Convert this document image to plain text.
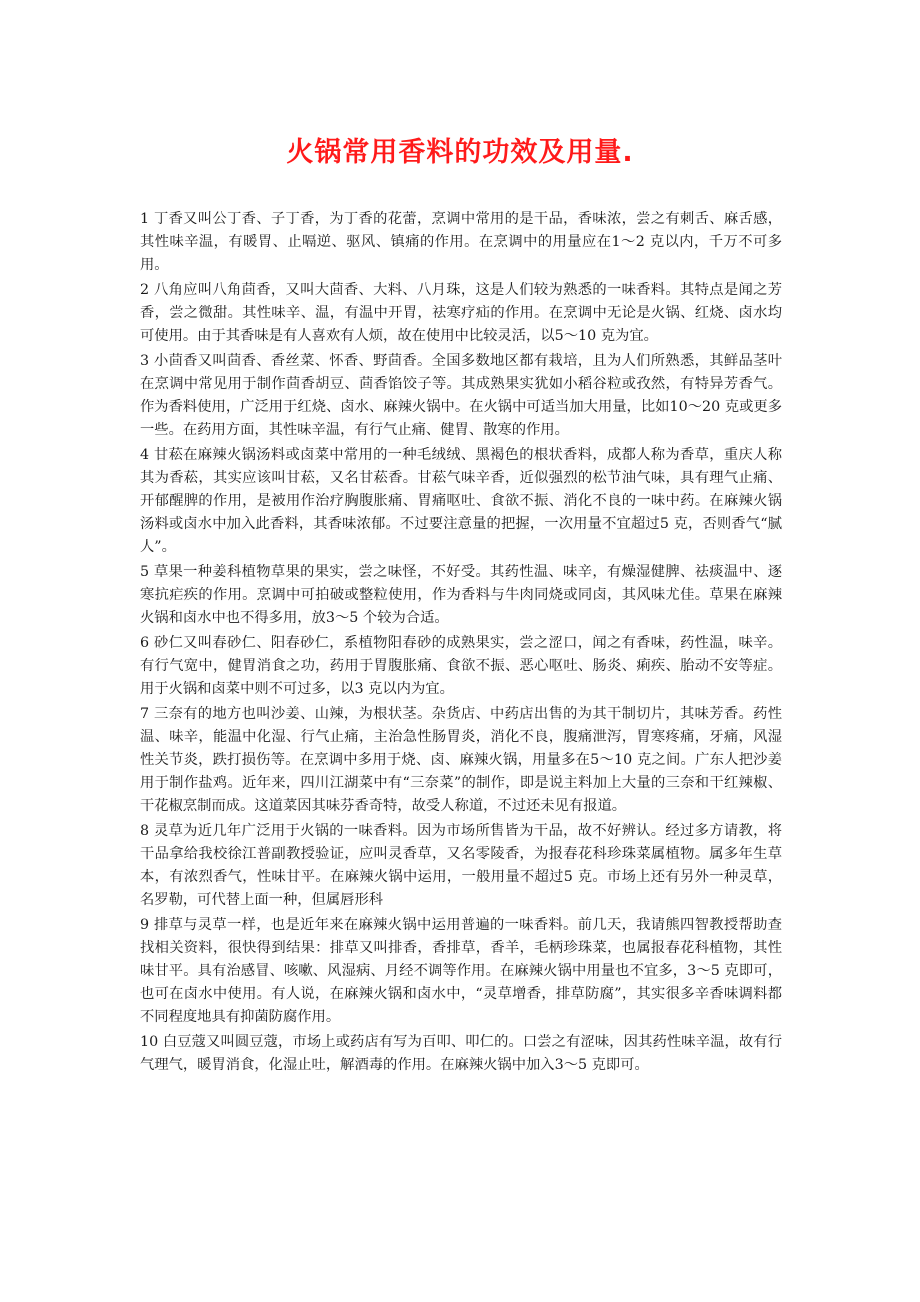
火锅常用香料的功效及用量.

1 丁香又叫公丁香、子丁香，为丁香的花蕾，烹调中常用的是干品，香味浓，尝之有刺舌、麻舌感，其性味辛温，有暖胃、止嗝逆、驱风、镇痛的作用。在烹调中的用量应在1～2 克以内，千万不可多用。

2 八角应叫八角茴香，又叫大茴香、大料、八月珠，这是人们较为熟悉的一味香料。其特点是闻之芳香，尝之微甜。其性味辛、温，有温中开胃，祛寒疗疝的作用。在烹调中无论是火锅、红烧、卤水均可使用。由于其香味是有人喜欢有人烦，故在使用中比较灵活，以5～10 克为宜。

3 小茴香又叫茴香、香丝菜、怀香、野茴香。全国多数地区都有栽培，且为人们所熟悉，其鲜品茎叶在烹调中常见用于制作茴香胡豆、茴香馅饺子等。其成熟果实犹如小稻谷粒或孜然，有特异芳香气。作为香料使用，广泛用于红烧、卤水、麻辣火锅中。在火锅中可适当加大用量，比如10～20 克或更多一些。在药用方面，其性味辛温，有行气止痛、健胃、散寒的作用。

4 甘菘在麻辣火锅汤料或卤菜中常用的一种毛绒绒、黑褐色的根状香料，成都人称为香草，重庆人称其为香菘，其实应该叫甘菘，又名甘菘香。甘菘气味辛香，近似强烈的松节油气味，具有理气止痛、开郁醒脾的作用，是被用作治疗胸腹胀痛、胃痛呕吐、食欲不振、消化不良的一味中药。在麻辣火锅汤料或卤水中加入此香料，其香味浓郁。不过要注意量的把握，一次用量不宜超过5 克，否则香气“腻人”。

5 草果一种姜科植物草果的果实，尝之味怪，不好受。其药性温、味辛，有燥湿健脾、祛痰温中、逐寒抗疟疾的作用。烹调中可拍破或整粒使用，作为香料与牛肉同烧或同卤，其风味尤佳。草果在麻辣火锅和卤水中也不得多用，放3～5 个较为合适。

6 砂仁又叫春砂仁、阳春砂仁，系植物阳春砂的成熟果实，尝之涩口，闻之有香味，药性温，味辛。有行气宽中，健胃消食之功，药用于胃腹胀痛、食欲不振、恶心呕吐、肠炎、痢疾、胎动不安等症。用于火锅和卤菜中则不可过多，以3 克以内为宜。

7 三奈有的地方也叫沙姜、山辣，为根状茎。杂货店、中药店出售的为其干制切片，其味芳香。药性温、味辛，能温中化湿、行气止痛，主治急性肠胃炎，消化不良，腹痛泄泻，胃寒疼痛，牙痛，风湿性关节炎，跌打损伤等。在烹调中多用于烧、卤、麻辣火锅，用量多在5～10 克之间。广东人把沙姜用于制作盐鸡。近年来，四川江湖菜中有“三奈菜”的制作，即是说主料加上大量的三奈和干红辣椒、干花椒烹制而成。这道菜因其味芬香奇特，故受人称道，不过还未见有报道。

8 灵草为近几年广泛用于火锅的一味香料。因为市场所售皆为干品，故不好辨认。经过多方请教，将干品拿给我校徐江普副教授验证，应叫灵香草，又名零陵香，为报春花科珍珠菜属植物。属多年生草本，有浓烈香气，性味甘平。在麻辣火锅中运用，一般用量不超过5 克。市场上还有另外一种灵草，名罗勒，可代替上面一种，但属唇形科

9 排草与灵草一样，也是近年来在麻辣火锅中运用普遍的一味香料。前几天，我请熊四智教授帮助查找相关资料，很快得到结果：排草又叫排香，香排草，香羊，毛柄珍珠菜，也属报春花科植物，其性味甘平。具有治感冒、咳嗽、风湿病、月经不调等作用。在麻辣火锅中用量也不宜多，3～5 克即可，也可在卤水中使用。有人说，在麻辣火锅和卤水中，“灵草增香，排草防腐”，其实很多辛香味调料都不同程度地具有抑菌防腐作用。

10 白豆蔻又叫圆豆蔻，市场上或药店有写为百叩、叩仁的。口尝之有涩味，因其药性味辛温，故有行气理气，暖胃消食，化湿止吐，解酒毒的作用。在麻辣火锅中加入3～5 克即可。
